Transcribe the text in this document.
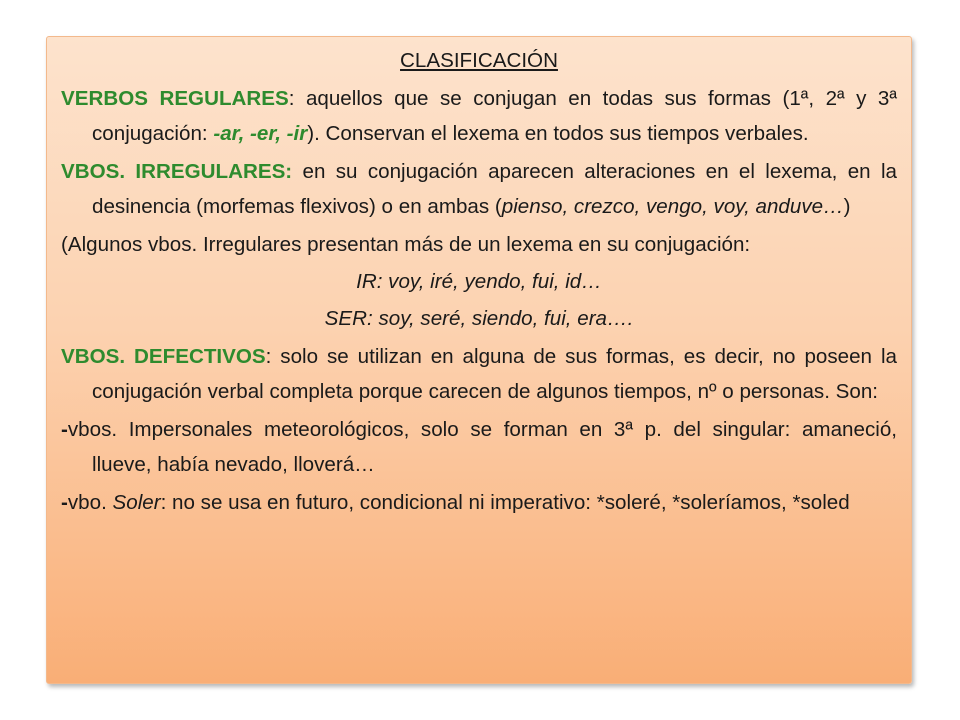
CLASIFICACIÓN

VERBOS REGULARES: aquellos que se conjugan en todas sus formas (1ª, 2ª y 3ª conjugación: -ar, -er, -ir). Conservan el lexema en todos sus tiempos verbales.

VBOS. IRREGULARES: en su conjugación aparecen alteraciones en el lexema, en la desinencia (morfemas flexivos) o en ambas (pienso, crezco, vengo, voy, anduve…)

(Algunos vbos. Irregulares presentan más de un lexema en su conjugación:

IR: voy, iré, yendo, fui, id…

SER: soy, seré, siendo, fui, era….

VBOS. DEFECTIVOS: solo se utilizan en alguna de sus formas, es decir, no poseen la conjugación verbal completa porque carecen de algunos tiempos, nº o personas. Son:

-vbos. Impersonales meteorológicos, solo se forman en 3ª p. del singular: amaneció, llueve, había nevado, lloverá…

-vbo. Soler: no se usa en futuro, condicional ni imperativo: *soleré, *soleríamos, *soled
